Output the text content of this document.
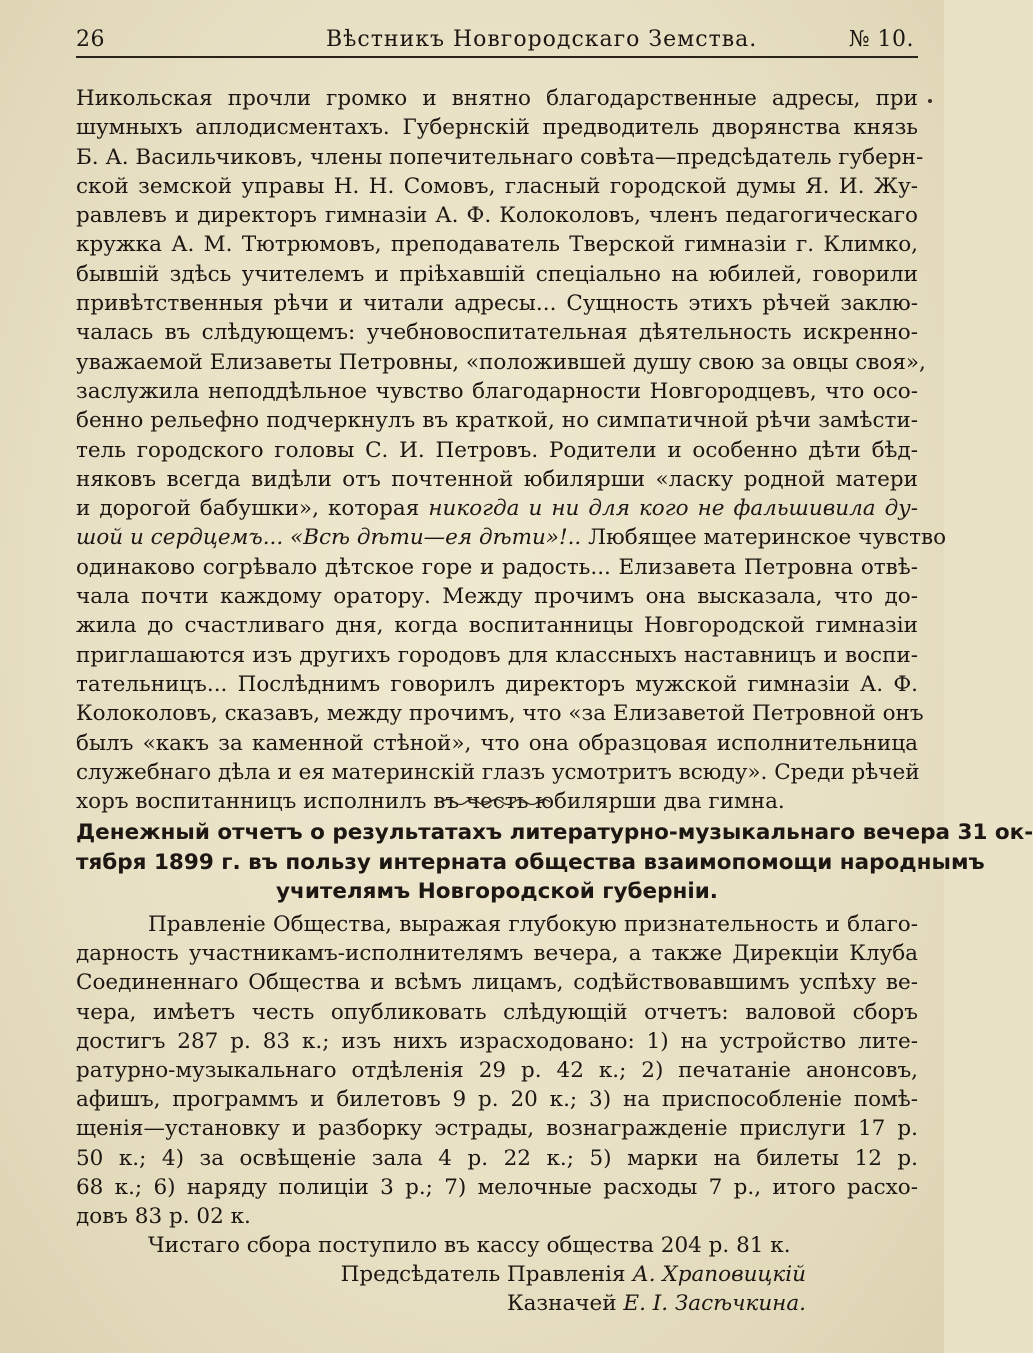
26	Вѣстникъ Новгородскаго Земства.	№ 10.
Никольская прочли громко и внятно благодарственные адресы, при
шумныхъ аплодисментахъ. Губернскій предводитель дворянства князь
Б. А. Васильчиковъ, члены попечительнаго совѣта—предсѣдатель губерн-
ской земской управы Н. Н. Сомовъ, гласный городской думы Я. И. Жу-
равлевъ и директоръ гимназіи А. Ф. Колоколовъ, членъ педагогическаго
кружка А. М. Тютрюмовъ, преподаватель Тверской гимназіи г. Климко,
бывшій здѣсь учителемъ и пріѣхавшій спеціально на юбилей, говорили
привѣтственныя рѣчи и читали адресы... Сущность этихъ рѣчей заклю-
чалась въ слѣдующемъ: учебновоспитательная дѣятельность искренно-
уважаемой Елизаветы Петровны, «положившей душу свою за овцы своя»,
заслужила неподдѣльное чувство благодарности Новгородцевъ, что осо-
бенно рельефно подчеркнулъ въ краткой, но симпатичной рѣчи замѣсти-
тель городского головы С. И. Петровъ. Родители и особенно дѣти бѣд-
няковъ всегда видѣли отъ почтенной юбилярши «ласку родной матери
и дорогой бабушки», которая никогда и ни для кого не фальшивила ду-
шой и сердцемъ... «Всѣ дѣти—ея дѣти»!.. Любящее материнское чувство
одинаково согрѣвало дѣтское горе и радость... Елизавета Петровна отвѣ-
чала почти каждому оратору. Между прочимъ она высказала, что до-
жила до счастливаго дня, когда воспитанницы Новгородской гимназіи
приглашаются изъ другихъ городовъ для классныхъ наставницъ и воспи-
тательницъ... Послѣднимъ говорилъ директоръ мужской гимназіи А. Ф.
Колоколовъ, сказавъ, между прочимъ, что «за Елизаветой Петровной онъ
былъ «какъ за каменной стѣной», что она образцовая исполнительница
служебнаго дѣла и ея материнскій глазъ усмотритъ всюду». Среди рѣчей
хоръ воспитанницъ исполнилъ въ честь юбилярши два гимна.
Денежный отчетъ о результатахъ литературно-музыкальнаго вечера 31 ок-
тября 1899 г. въ пользу интерната общества взаимопомощи народнымъ
учителямъ Новгородской губерніи.
Правленіе Общества, выражая глубокую признательность и благо-
дарность участникамъ-исполнителямъ вечера, а также Дирекціи Клуба
Соединеннаго Общества и всѣмъ лицамъ, содѣйствовавшимъ успѣху ве-
чера, имѣетъ честь опубликовать слѣдующій отчетъ: валовой сборъ
достигъ 287 р. 83 к.; изъ нихъ израсходовано: 1) на устройство лите-
ратурно-музыкальнаго отдѣленія 29 р. 42 к.; 2) печатаніе анонсовъ,
афишъ, программъ и билетовъ 9 р. 20 к.; 3) на приспособленіе помѣ-
щенія—установку и разборку эстрады, вознагражденіе прислуги 17 р.
50 к.; 4) за освѣщеніе зала 4 р. 22 к.; 5) марки на билеты 12 р.
68 к.; 6) наряду полиціи 3 р.; 7) мелочные расходы 7 р., итого расхо-
довъ 83 р. 02 к.
Чистаго сбора поступило въ кассу общества 204 р. 81 к.
Предсѣдатель Правленія А. Храповицкій
Казначей Е. І. Засѣчкина.
